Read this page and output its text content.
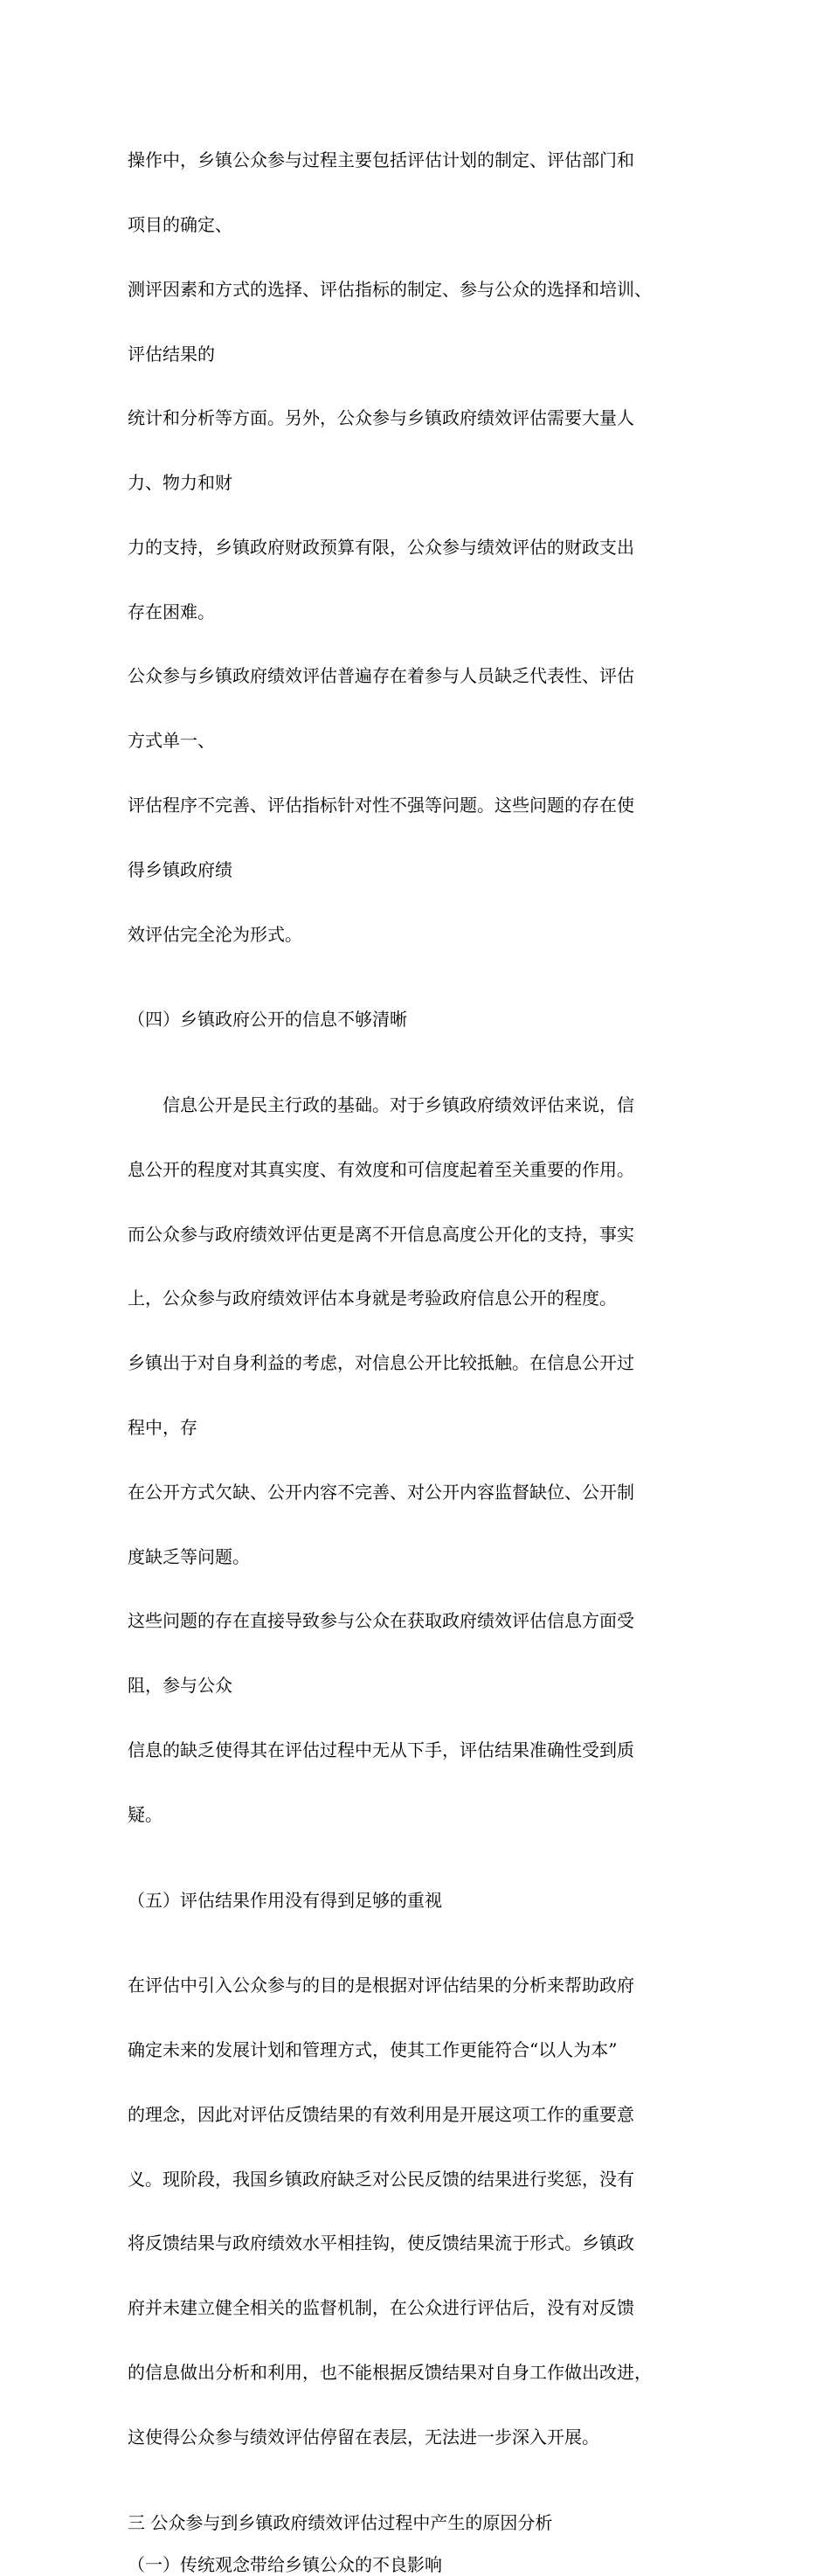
操作中，乡镇公众参与过程主要包括评估计划的制定、评估部门和

项目的确定、

测评因素和方式的选择、评估指标的制定、参与公众的选择和培训、

评估结果的

统计和分析等方面。另外，公众参与乡镇政府绩效评估需要大量人

力、物力和财

力的支持，乡镇政府财政预算有限，公众参与绩效评估的财政支出

存在困难。

公众参与乡镇政府绩效评估普遍存在着参与人员缺乏代表性、评估

方式单一、

评估程序不完善、评估指标针对性不强等问题。这些问题的存在使

得乡镇政府绩

效评估完全沦为形式。

（四）乡镇政府公开的信息不够清晰

　　信息公开是民主行政的基础。对于乡镇政府绩效评估来说，信

息公开的程度对其真实度、有效度和可信度起着至关重要的作用。

而公众参与政府绩效评估更是离不开信息高度公开化的支持，事实

上，公众参与政府绩效评估本身就是考验政府信息公开的程度。

乡镇出于对自身利益的考虑，对信息公开比较抵触。在信息公开过

程中，存

在公开方式欠缺、公开内容不完善、对公开内容监督缺位、公开制

度缺乏等问题。

这些问题的存在直接导致参与公众在获取政府绩效评估信息方面受

阻，参与公众

信息的缺乏使得其在评估过程中无从下手，评估结果准确性受到质

疑。

（五）评估结果作用没有得到足够的重视

在评估中引入公众参与的目的是根据对评估结果的分析来帮助政府

确定未来的发展计划和管理方式，使其工作更能符合“以人为本”

的理念，因此对评估反馈结果的有效利用是开展这项工作的重要意

义。现阶段，我国乡镇政府缺乏对公民反馈的结果进行奖惩，没有

将反馈结果与政府绩效水平相挂钩，使反馈结果流于形式。乡镇政

府并未建立健全相关的监督机制，在公众进行评估后，没有对反馈

的信息做出分析和利用，也不能根据反馈结果对自身工作做出改进，

这使得公众参与绩效评估停留在表层，无法进一步深入开展。

三 公众参与到乡镇政府绩效评估过程中产生的原因分析
（一）传统观念带给乡镇公众的不良影响
